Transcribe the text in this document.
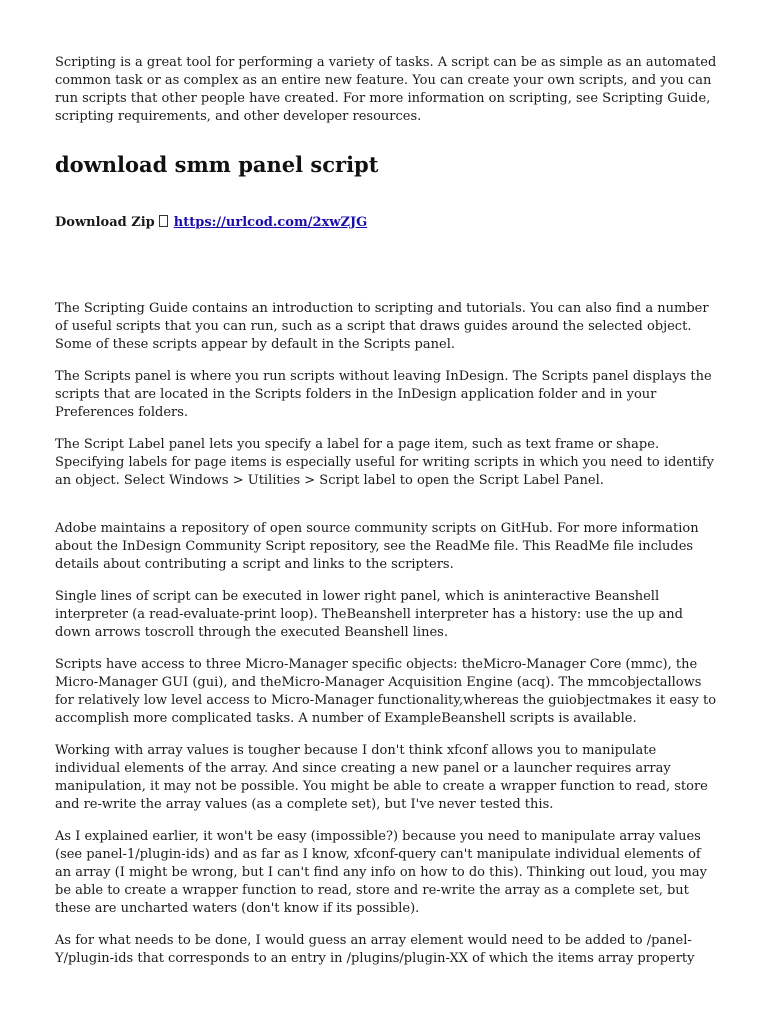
Scripting is a great tool for performing a variety of tasks. A script can be as simple as an automated common task or as complex as an entire new feature. You can create your own scripts, and you can run scripts that other people have created. For more information on scripting, see Scripting Guide, scripting requirements, and other developer resources.

download smm panel script
Download Zip https://urlcod.com/2xwZJG

The Scripting Guide contains an introduction to scripting and tutorials. You can also find a number of useful scripts that you can run, such as a script that draws guides around the selected object. Some of these scripts appear by default in the Scripts panel.

The Scripts panel is where you run scripts without leaving InDesign. The Scripts panel displays the scripts that are located in the Scripts folders in the InDesign application folder and in your Preferences folders.

The Script Label panel lets you specify a label for a page item, such as text frame or shape. Specifying labels for page items is especially useful for writing scripts in which you need to identify an object. Select Windows > Utilities > Script label to open the Script Label Panel.

Adobe maintains a repository of open source community scripts on GitHub. For more information about the InDesign Community Script repository, see the ReadMe file. This ReadMe file includes details about contributing a script and links to the scripters.

Single lines of script can be executed in lower right panel, which is aninteractive Beanshell interpreter (a read-evaluate-print loop). TheBeanshell interpreter has a history: use the up and down arrows toscroll through the executed Beanshell lines.

Scripts have access to three Micro-Manager specific objects: theMicro-Manager Core (mmc), the Micro-Manager GUI (gui), and theMicro-Manager Acquisition Engine (acq). The mmcobjectallows for relatively low level access to Micro-Manager functionality,whereas the guiobjectmakes it easy to accomplish more complicated tasks. A number of ExampleBeanshell scripts is available.

Working with array values is tougher because I don't think xfconf allows you to manipulate individual elements of the array. And since creating a new panel or a launcher requires array manipulation, it may not be possible. You might be able to create a wrapper function to read, store and re-write the array values (as a complete set), but I've never tested this.

As I explained earlier, it won't be easy (impossible?) because you need to manipulate array values (see panel-1/plugin-ids) and as far as I know, xfconf-query can't manipulate individual elements of an array (I might be wrong, but I can't find any info on how to do this). Thinking out loud, you may be able to create a wrapper function to read, store and re-write the array as a complete set, but these are uncharted waters (don't know if its possible).

As for what needs to be done, I would guess an array element would need to be added to /panel-Y/plugin-ids that corresponds to an entry in /plugins/plugin-XX of which the items array property
